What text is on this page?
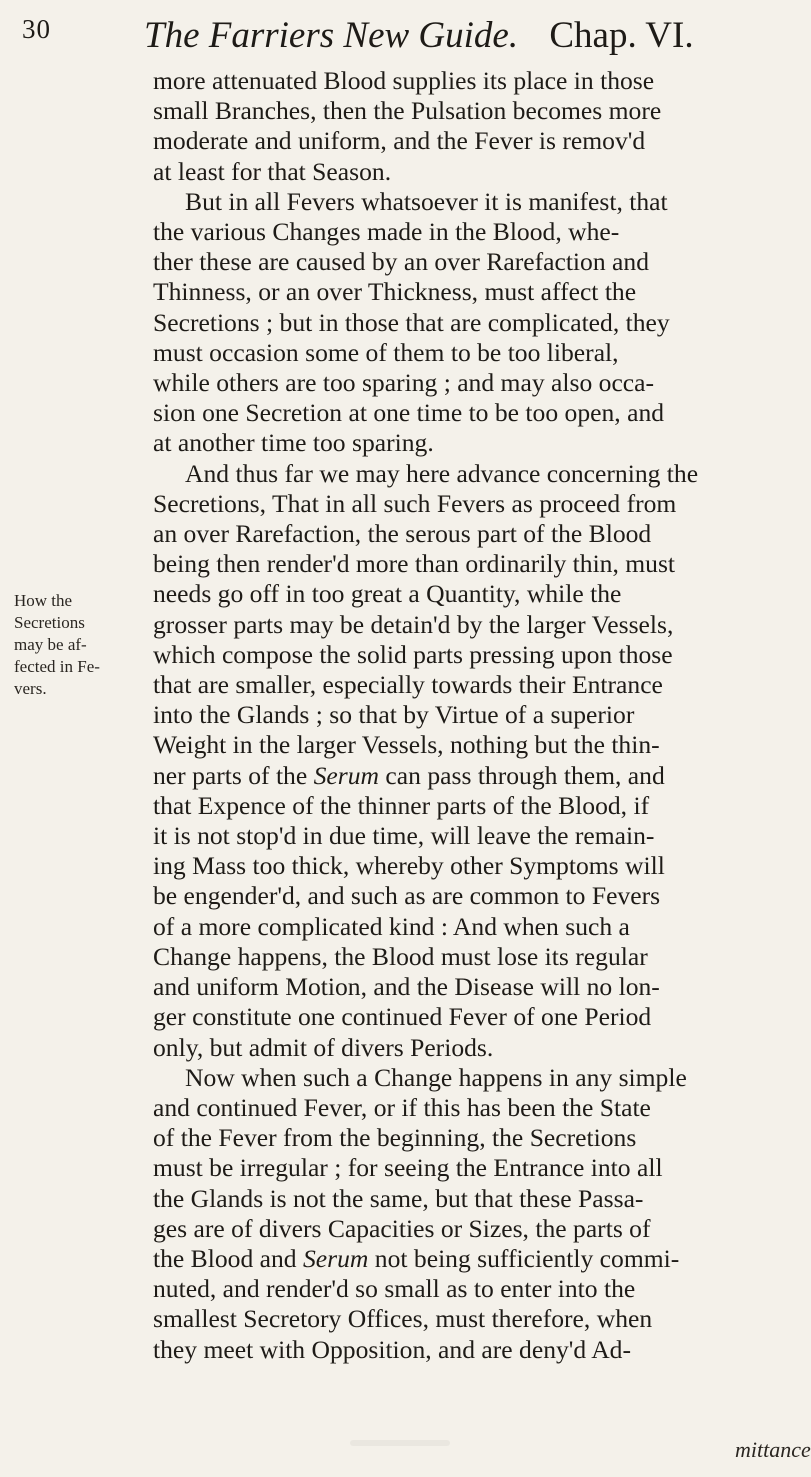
30	The Farriers New Guide. Chap. VI.
How the
Secretions
may be af-
fected in Fe-
vers.
more attenuated Blood supplies its place in those
small Branches, then the Pulsation becomes more
moderate and uniform, and the Fever is remov'd
at least for that Season.
But in all Fevers whatsoever it is manifest, that
the various Changes made in the Blood, whe-
ther these are caused by an over Rarefaction and
Thinness, or an over Thickness, must affect the
Secretions ; but in those that are complicated, they
must occasion some of them to be too liberal,
while others are too sparing ; and may also occa-
sion one Secretion at one time to be too open, and
at another time too sparing.
And thus far we may here advance concerning the
Secretions, That in all such Fevers as proceed from
an over Rarefaction, the serous part of the Blood
being then render'd more than ordinarily thin, must
needs go off in too great a Quantity, while the
grosser parts may be detain'd by the larger Vessels,
which compose the solid parts pressing upon those
that are smaller, especially towards their Entrance
into the Glands ; so that by Virtue of a superior
Weight in the larger Vessels, nothing but the thin-
ner parts of the Serum can pass through them, and
that Expence of the thinner parts of the Blood, if
it is not stop'd in due time, will leave the remain-
ing Mass too thick, whereby other Symptoms will
be engender'd, and such as are common to Fevers
of a more complicated kind : And when such a
Change happens, the Blood must lose its regular
and uniform Motion, and the Disease will no lon-
ger constitute one continued Fever of one Period
only, but admit of divers Periods.
Now when such a Change happens in any simple
and continued Fever, or if this has been the State
of the Fever from the beginning, the Secretions
must be irregular ; for seeing the Entrance into all
the Glands is not the same, but that these Passa-
ges are of divers Capacities or Sizes, the parts of
the Blood and Serum not being sufficiently commi-
nuted, and render'd so small as to enter into the
smallest Secretory Offices, must therefore, when
they meet with Opposition, and are deny'd Ad-
mittance
